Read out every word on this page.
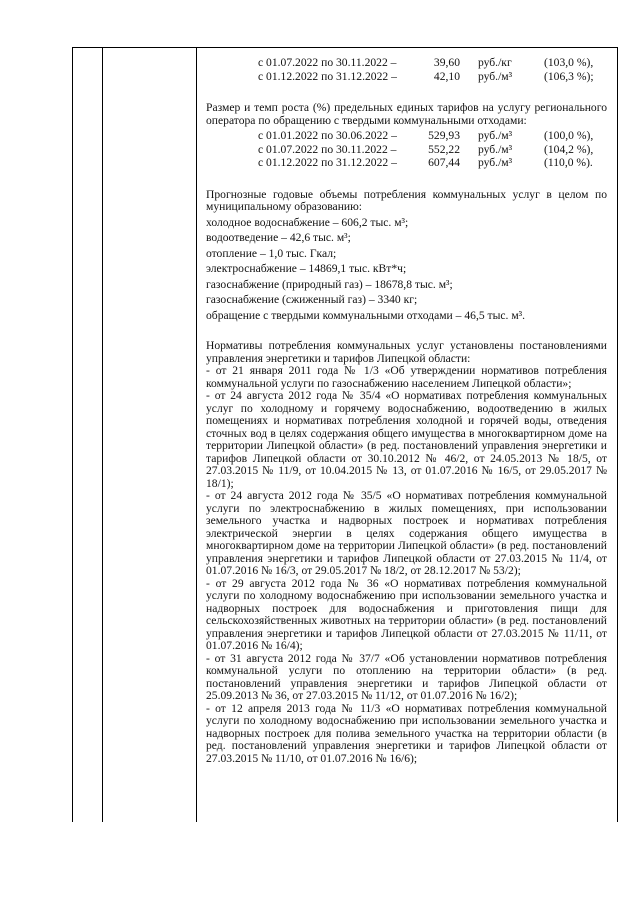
с 01.07.2022 по 30.11.2022 –	39,60 руб./кг	(103,0 %),
с 01.12.2022 по 31.12.2022 –	42,10 руб./м³	(106,3 %);

Размер и темп роста (%) предельных единых тарифов на услугу регионального оператора по обращению с твердыми коммунальными отходами:

с 01.01.2022 по 30.06.2022 –	529,93 руб./м³	(100,0 %),
с 01.07.2022 по 30.11.2022 –	552,22 руб./м³	(104,2 %),
с 01.12.2022 по 31.12.2022 –	607,44 руб./м³	(110,0 %).

Прогнозные годовые объемы потребления коммунальных услуг в целом по муниципальному образованию:

холодное водоснабжение – 606,2 тыс. м³;

водоотведение – 42,6 тыс. м³;

отопление – 1,0 тыс. Гкал;

электроснабжение – 14869,1 тыс. кВт*ч;

газоснабжение (природный газ) – 18678,8 тыс. м³;

газоснабжение (сжиженный газ) – 3340 кг;

обращение с твердыми коммунальными отходами – 46,5 тыс. м³.

Нормативы потребления коммунальных услуг установлены постановлениями управления энергетики и тарифов Липецкой области:

- от 21 января 2011 года № 1/3 «Об утверждении нормативов потребления коммунальной услуги по газоснабжению населением Липецкой области»;

- от 24 августа 2012 года № 35/4 «О нормативах потребления коммунальных услуг по холодному и горячему водоснабжению, водоотведению в жилых помещениях и нормативах потребления холодной и горячей воды, отведения сточных вод в целях содержания общего имущества в многоквартирном доме на территории Липецкой области» (в ред. постановлений управления энергетики и тарифов Липецкой области от 30.10.2012 № 46/2, от 24.05.2013 № 18/5, от 27.03.2015 № 11/9, от 10.04.2015 № 13, от 01.07.2016 № 16/5, от 29.05.2017 № 18/1);

- от 24 августа 2012 года № 35/5 «О нормативах потребления коммунальной услуги по электроснабжению в жилых помещениях, при использовании земельного участка и надворных построек и нормативах потребления электрической энергии в целях содержания общего имущества в многоквартирном доме на территории Липецкой области» (в ред. постановлений управления энергетики и тарифов Липецкой области от 27.03.2015 № 11/4, от 01.07.2016 № 16/3, от 29.05.2017 № 18/2, от 28.12.2017 № 53/2);

- от 29 августа 2012 года № 36 «О нормативах потребления коммунальной услуги по холодному водоснабжению при использовании земельного участка и надворных построек для водоснабжения и приготовления пищи для сельскохозяйственных животных на территории области» (в ред. постановлений управления энергетики и тарифов Липецкой области от 27.03.2015 № 11/11, от 01.07.2016 № 16/4);

- от 31 августа 2012 года № 37/7 «Об установлении нормативов потребления коммунальной услуги по отоплению на территории области» (в ред. постановлений управления энергетики и тарифов Липецкой области от 25.09.2013 № 36, от 27.03.2015 № 11/12, от 01.07.2016 № 16/2);

- от 12 апреля 2013 года № 11/3 «О нормативах потребления коммунальной услуги по холодному водоснабжению при использовании земельного участка и надворных построек для полива земельного участка на территории области (в ред. постановлений управления энергетики и тарифов Липецкой области от 27.03.2015 № 11/10, от 01.07.2016 № 16/6);
